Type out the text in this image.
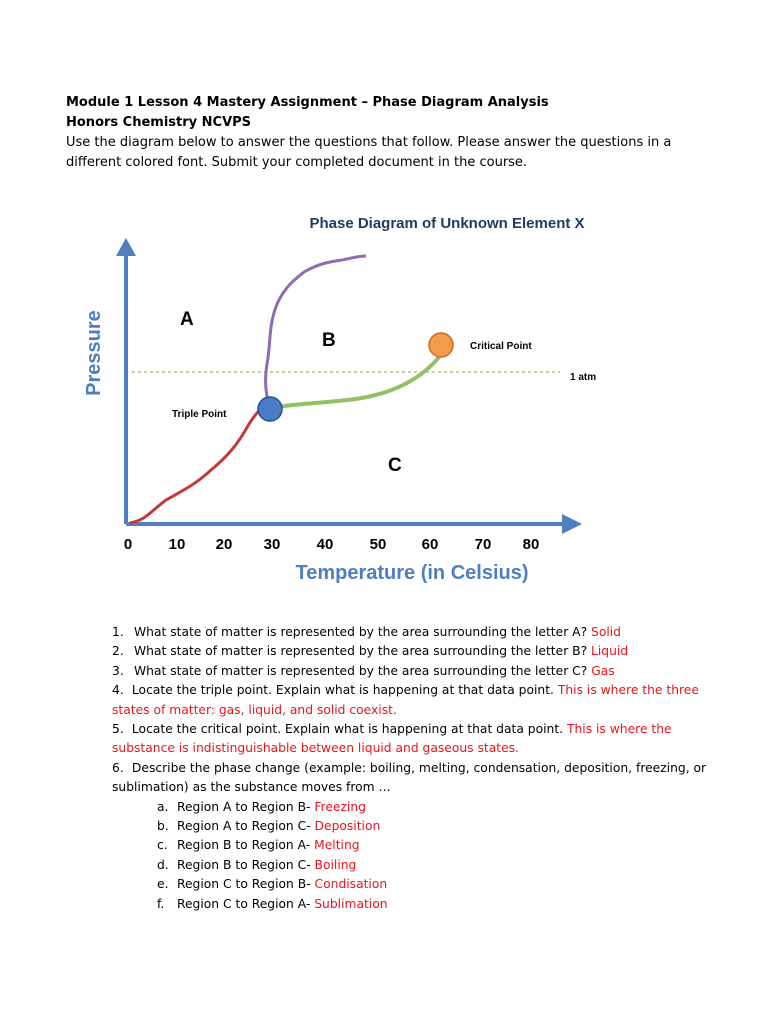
Module 1 Lesson 4 Mastery Assignment – Phase Diagram Analysis
Honors Chemistry NCVPS
Use the diagram below to answer the questions that follow. Please answer the questions in a different colored font. Submit your completed document in the course.
Phase Diagram of Unknown Element X
Pressure	1 atm
Triple Point
Critical Point
A
B
C
0 10 20 30 40 50 60 70 80
Temperature (in Celsius)
1. What state of matter is represented by the area surrounding the letter A? Solid
2. What state of matter is represented by the area surrounding the letter B? Liquid
3. What state of matter is represented by the area surrounding the letter C? Gas
4. Locate the triple point. Explain what is happening at that data point. This is where the three states of matter: gas, liquid, and solid coexist.
5. Locate the critical point. Explain what is happening at that data point. This is where the substance is indistinguishable between liquid and gaseous states.
6. Describe the phase change (example: boiling, melting, condensation, deposition, freezing, or sublimation) as the substance moves from …
a. Region A to Region B- Freezing
b. Region A to Region C- Deposition
c. Region B to Region A- Melting
d. Region B to Region C- Boiling
e. Region C to Region B- Condisation
f. Region C to Region A- Sublimation
